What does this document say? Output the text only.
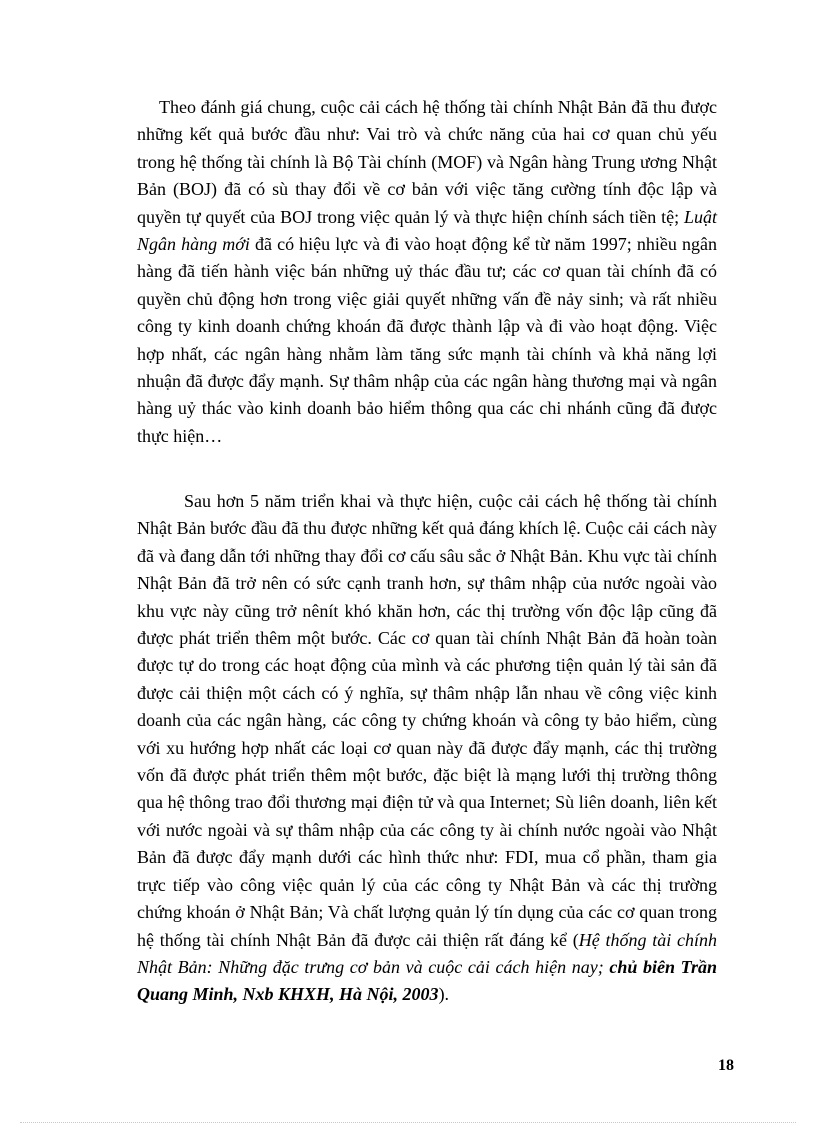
Theo đánh giá chung, cuộc cải cách hệ thống tài chính Nhật Bản đã thu được những kết quả bước đầu như: Vai trò và chức năng của hai cơ quan chủ yếu trong hệ thống tài chính là Bộ Tài chính (MOF) và Ngân hàng Trung ương Nhật Bản (BOJ) đã có sù thay đổi về cơ bản với việc tăng cường tính độc lập và quyền tự quyết của BOJ trong việc quản lý và thực hiện chính sách tiền tệ; Luật Ngân hàng mới đã có hiệu lực và đi vào hoạt động kể từ năm 1997; nhiều ngân hàng đã tiến hành việc bán những uỷ thác đầu tư; các cơ quan tài chính đã có quyền chủ động hơn trong việc giải quyết những vấn đề nảy sinh; và rất nhiều công ty kinh doanh chứng khoán đã được thành lập và đi vào hoạt động. Việc hợp nhất, các ngân hàng nhằm làm tăng sức mạnh tài chính và khả năng lợi nhuận đã được đẩy mạnh. Sự thâm nhập của các ngân hàng thương mại và ngân hàng uỷ thác vào kinh doanh bảo hiểm thông qua các chi nhánh cũng đã được thực hiện…

Sau hơn 5 năm triển khai và thực hiện, cuộc cải cách hệ thống tài chính Nhật Bản bước đầu đã thu được những kết quả đáng khích lệ. Cuộc cải cách này đã và đang dẫn tới những thay đổi cơ cấu sâu sắc ở Nhật Bản. Khu vực tài chính Nhật Bản đã trở nên có sức cạnh tranh hơn, sự thâm nhập của nước ngoài vào khu vực này cũng trở nênít khó khăn hơn, các thị trường vốn độc lập cũng đã được phát triển thêm một bước. Các cơ quan tài chính Nhật Bản đã hoàn toàn được tự do trong các hoạt động của mình và các phương tiện quản lý tài sản đã được cải thiện một cách có ý nghĩa, sự thâm nhập lẫn nhau về công việc kinh doanh của các ngân hàng, các công ty chứng khoán và công ty bảo hiểm, cùng với xu hướng hợp nhất các loại cơ quan này đã được đẩy mạnh, các thị trường vốn đã được phát triển thêm một bước, đặc biệt là mạng lưới thị trường thông qua hệ thông trao đổi thương mại điện tử và qua Internet; Sù liên doanh, liên kết với nước ngoài và sự thâm nhập của các công ty ài chính nước ngoài vào Nhật Bản đã được đẩy mạnh dưới các hình thức như: FDI, mua cổ phần, tham gia trực tiếp vào công việc quản lý của các công ty Nhật Bản và các thị trường chứng khoán ở Nhật Bản; Và chất lượng quản lý tín dụng của các cơ quan trong hệ thống tài chính Nhật Bản đã được cải thiện rất đáng kể (Hệ thống tài chính Nhật Bản: Những đặc trưng cơ bản và cuộc cải cách hiện nay; chủ biên Trần Quang Minh, Nxb KHXH, Hà Nội, 2003).

18
